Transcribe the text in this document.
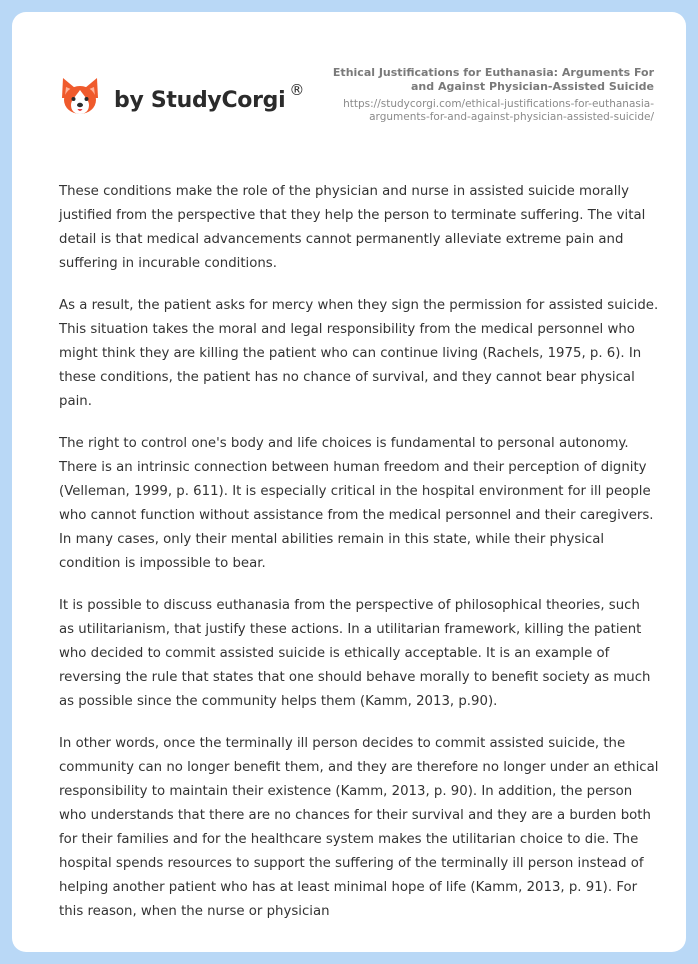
by StudyCorgi ®
Ethical Justifications for Euthanasia: Arguments For and Against Physician-Assisted Suicide
https://studycorgi.com/ethical-justifications-for-euthanasia-arguments-for-and-against-physician-assisted-suicide/

These conditions make the role of the physician and nurse in assisted suicide morally justified from the perspective that they help the person to terminate suffering. The vital detail is that medical advancements cannot permanently alleviate extreme pain and suffering in incurable conditions.

As a result, the patient asks for mercy when they sign the permission for assisted suicide. This situation takes the moral and legal responsibility from the medical personnel who might think they are killing the patient who can continue living (Rachels, 1975, p. 6). In these conditions, the patient has no chance of survival, and they cannot bear physical pain.

The right to control one's body and life choices is fundamental to personal autonomy. There is an intrinsic connection between human freedom and their perception of dignity (Velleman, 1999, p. 611). It is especially critical in the hospital environment for ill people who cannot function without assistance from the medical personnel and their caregivers. In many cases, only their mental abilities remain in this state, while their physical condition is impossible to bear.

It is possible to discuss euthanasia from the perspective of philosophical theories, such as utilitarianism, that justify these actions. In a utilitarian framework, killing the patient who decided to commit assisted suicide is ethically acceptable. It is an example of reversing the rule that states that one should behave morally to benefit society as much as possible since the community helps them (Kamm, 2013, p.90).

In other words, once the terminally ill person decides to commit assisted suicide, the community can no longer benefit them, and they are therefore no longer under an ethical responsibility to maintain their existence (Kamm, 2013, p. 90). In addition, the person who understands that there are no chances for their survival and they are a burden both for their families and for the healthcare system makes the utilitarian choice to die. The hospital spends resources to support the suffering of the terminally ill person instead of helping another patient who has at least minimal hope of life (Kamm, 2013, p. 91). For this reason, when the nurse or physician
